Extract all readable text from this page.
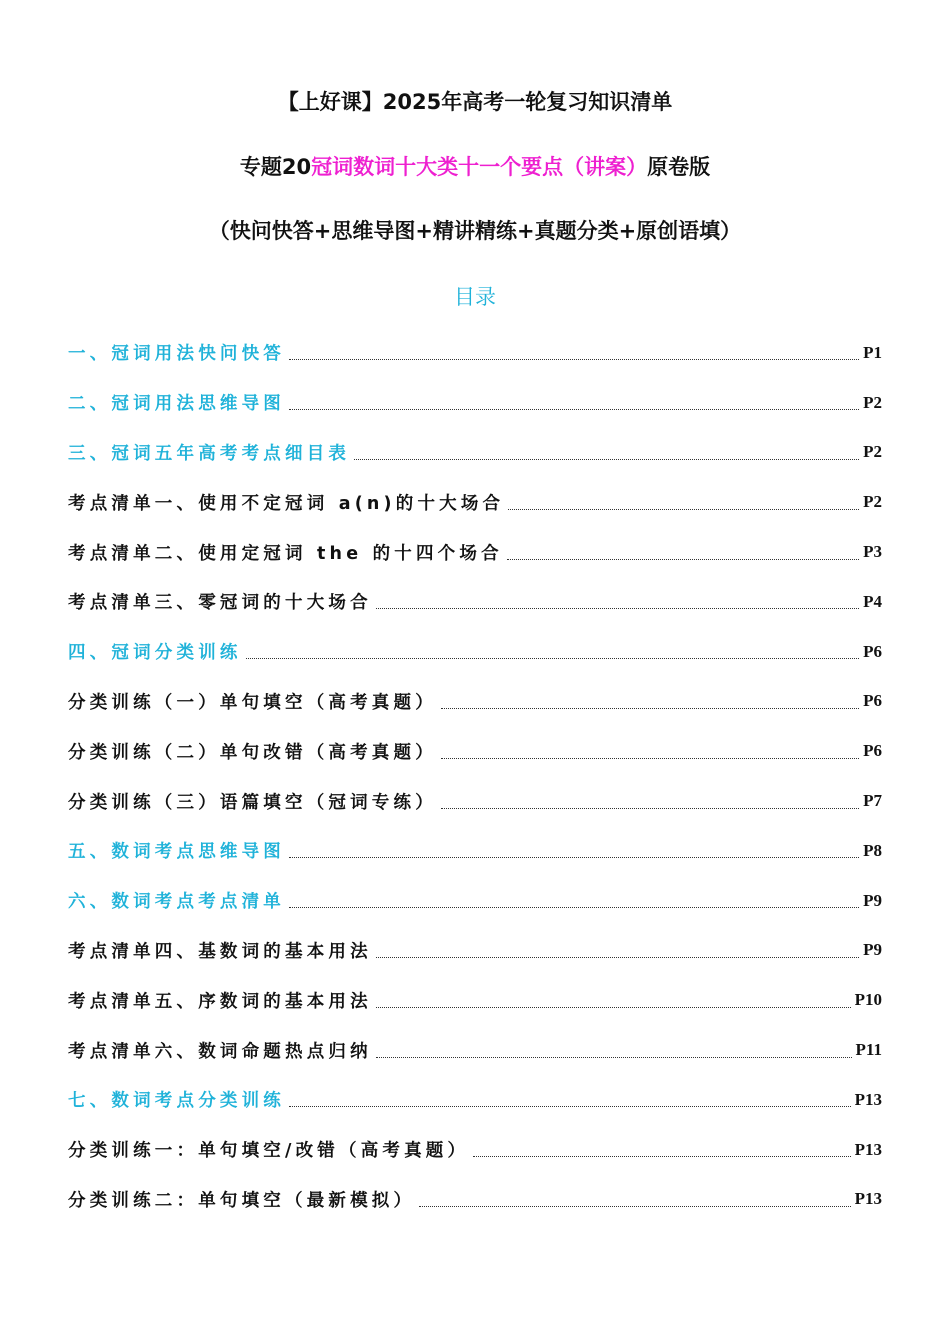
【上好课】2025年高考一轮复习知识清单
专题20冠词数词十大类十一个要点（讲案）原卷版
（快问快答+思维导图+精讲精练+真题分类+原创语填）
目录
一、冠词用法快问快答	P1
二、冠词用法思维导图	P2
三、冠词五年高考考点细目表	P2
考点清单一、使用不定冠词 a(n)的十大场合	P2
考点清单二、使用定冠词 the 的十四个场合	P3
考点清单三、零冠词的十大场合	P4
四、冠词分类训练	P6
分类训练（一）单句填空（高考真题）	P6
分类训练（二）单句改错（高考真题）	P6
分类训练（三）语篇填空（冠词专练）	P7
五、数词考点思维导图	P8
六、数词考点考点清单	P9
考点清单四、基数词的基本用法	P9
考点清单五、序数词的基本用法	P10
考点清单六、数词命题热点归纳	P11
七、数词考点分类训练	P13
分类训练一：单句填空/改错（高考真题）	P13
分类训练二：单句填空（最新模拟）	P13
